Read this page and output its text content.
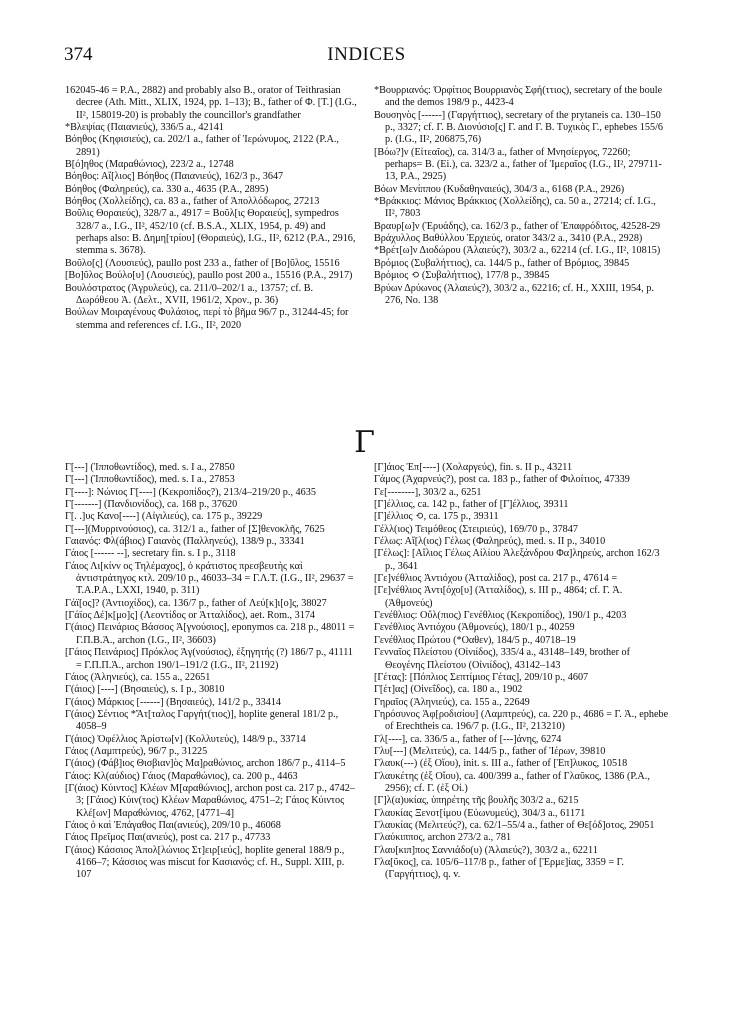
374	INDICES

162045-46 = P.A., 2882) and probably also B., orator of Teithrasian decree (Ath. Mitt., XLIX, 1924, pp. 1–13); B., father of Φ. [Τ.] (I.G., II², 158019-20) is probably the councillor's grandfather

*Βλεψίας (Παιανιεύς), 336/5 a., 42141

Βόηθος (Κηφισιεύς), ca. 202/1 a., father of Ἱερώνυμος, 2122 (P.A., 2891)

Β[ό]ηθος (Μαραθώνιος), 223/2 a., 12748

Βόηθος: Αἴ[λιος] Βόηθος (Παιανιεύς), 162/3 p., 3647

Βόηθος (Φαληρεύς), ca. 330 a., 4635 (P.A., 2895)

Βόηθος (Χολλείδης), ca. 83 a., father of Ἀπολλόδωρος, 27213

Βοῦλις Θοραιεύς), 328/7 a., 4917 = Βοῦλ[ις Θοραιεύς], sympedros 328/7 a., I.G., II², 452/10 (cf. B.S.A., XLIX, 1954, p. 49) and perhaps also: Β. Δημη[τρίου] (Θοραιεύς), I.G., II², 6212 (P.A., 2916, stemma s. 3678).

Βοῦλο[ς] (Λουσιεύς), paullo post 233 a., father of [Βο]ῦλος, 15516

[Βο]ῦλος Βούλο[υ] (Λουσιεύς), paullo post 200 a., 15516 (P.A., 2917)

Βουλόστρατος (Ἀγρυλεύς), ca. 211/0–202/1 a., 13757; cf. B. Δωρόθεου Ἀ. (Δελτ., XVII, 1961/2, Χρον., p. 36)

Βούλων Μοιραγένους Φυλάσιος, περί τὸ βῆμα 96/7 p., 31244-45; for stemma and references cf. I.G., II², 2020

*Βουρριανός: Ὀρφίτιος Βουρριανὸς Σφή(ττιος), secretary of the boule and the demos 198/9 p., 4423-4

Βουσηνὸς [------] (Γαργήττιος), secretary of the prytaneis ca. 130–150 p., 3327; cf. Γ. Β. Διονύσιο[ς] Γ. and Γ. Β. Τυχικὸς Γ., ephebes 155/6 p. (I.G., II², 206875,76)

[Βόω?]ν (Εἰτεαῖος), ca. 314/3 a., father of Μνησίεργος, 72260; perhaps= B. (Ei.), ca. 323/2 a., father of Ἱμεραῖος (I.G., II², 279711-13, P.A., 2925)

Βόων Μενίππου (Κυδαθηναιεύς), 304/3 a., 6168 (P.A., 2926)

*Βράκκιος: Μάνιος Βράκκιος (Χολλείδης), ca. 50 a., 27214; cf. I.G., II², 7803

Βραυρ[ω]ν (Ἐρυάδης), ca. 162/3 p., father of Ἐπαφρόδιτος, 42528-29

Βράχυλλος Βαθύλλου Ἐρχιεύς, orator 343/2 a., 3410 (P.A., 2928)

*Βρέτ[ω]ν Διοδώρου (Ἁλαιεύς?), 303/2 a., 62214 (cf. I.G., II², 10815)

Βρόμιος (Συβαλήττιος), ca. 144/5 p., father of Βρόμιος, 39845

Βρόμιος ⟲ (Συβαλήττιος), 177/8 p., 39845

Βρύων Δρύωνος (Ἁλαιεύς?), 303/2 a., 62216; cf. H., XXIII, 1954, p. 276, No. 138

Γ

Γ[---] (Ἱπποθωντίδος), med. s. I a., 27850

Γ[---] (Ἱπποθωντίδος), med. s. I a., 27853

Γ[----]: Νώνιος Γ[----] (Κεκροπίδος?), 213/4–219/20 p., 4635

Γ[-------] (Πανδιονίδος), ca. 168 p., 37620

Γ[. .]υς Κανο[----] (Αἰγιλιεύς), ca. 175 p., 39229

Γ[---](Μυρρινούσιος), ca. 312/1 a., father of [Σ]θενοκλῆς, 7625

Γαιανός: Φλ(άβιος) Γαιανὸς (Παλληνεύς), 138/9 p., 33341

Γάιος [------ --], secretary fin. s. I p., 3118

Γάιος Λι[κίνν ος Τηλέμαχος], ὁ κράτιστος πρεσβευτὴς καὶ ἀντιστράτηγος κτλ. 209/10 p., 46033–34 = Γ.Λ.Τ. (I.G., II², 29637 = T.A.P.A., LXXI, 1940, p. 311)

Γάϊ[ος]? (Ἀντιοχίδος), ca. 136/7 p., father of Λεύ[κ]ι[ο]ς, 38027

[Γάϊος Δέ]κ[μο]ς] (Λεοντίδος or Ἀτταλίδος), aet. Rom., 3174

Γ(άιος) Πεινάριος Βάσσος Ἀ[γνούσιος], eponymos ca. 218 p., 48011 = Γ.Π.Β.Ἀ., archon (I.G., II², 36603)

[Γάιος Πεινάριος] Πρόκλος Ἀγ(νούσιος), ἐξηγητής (?) 186/7 p., 41111 = Γ.Π.Π.Ἀ., archon 190/1–191/2 (I.G., II², 21192)

Γάιος (Ἀληνιεύς), ca. 155 a., 22651

Γ(άιος) [----] (Βησαιεύς), s. I p., 30810

Γ(άιος) Μάρκιος [------] (Βησαιεύς), 141/2 p., 33414

Γ(άιος) Σέντιος *Ἄτ[ταλος Γαργήτ(τιος)], hoplite general 181/2 p., 4058–9

Γ(άιος) Ὀφέλλιος Ἀρίστω[ν] (Κολλυτεύς), 148/9 p., 33714

Γάιος (Λαμπτρεύς), 96/7 p., 31225

Γ(άιος) (Φάβ]ιος Θισβιαν]ὸς Μα]ραθώνιος, archon 186/7 p., 4114–5

Γάιος: Κλ(αύδιος) Γάιος (Μαραθώνιος), ca. 200 p., 4463

[Γ(άιος) Κύιντος] Κλέων Μ[αραθώνιος], archon post ca. 217 p., 4742–3; [Γάιος) Κύιν(τος) Κλέων Μαραθώνιος, 4751–2; Γάιος Κύιντος Κλέ[ων] Μαραθώνιος, 4762, [4771–4]

Γάιος ὁ καὶ Ἐπάγαθος Παι(ανιεύς), 209/10 p., 46068

Γάιος Πρεῖμος Παι(ανιεύς), post ca. 217 p., 47733

Γ(άιος) Κάσσιος Ἀπολ[λώνιος Στ]ειρ[ιεύς], hoplite general 188/9 p., 4166–7; Κάσσιος was miscut for Κασιανός; cf. H., Suppl. XIII, p. 107

[Γ]άιος Ἐπ[----] (Χολαργεύς), fin. s. II p., 43211

Γάμος (Ἀχαρνεύς?), post ca. 183 p., father of Φιλοίτιος, 47339

Γε[--------], 303/2 a., 6251

[Γ]έλλιος, ca. 142 p., father of [Γ]έλλιος, 39311

[Γ]έλλιος ⟲, ca. 175 p., 39311

Γέλλ(ιος) Τειμόθεος (Στειριεύς), 169/70 p., 37847

Γέλως: Αἴ[λ(ιος) Γέλως (Φαληρεύς), med. s. II p., 34010

[Γέλως]: [Αἴλιος Γέλως Αἰλίου Ἀλεξάνδρου Φα]ληρεύς, archon 162/3 p., 3641

[Γε]νέθλιος Ἀντιόχου (Ἀτταλίδος), post ca. 217 p., 47614 =

[Γε]νέθλιος Ἀντι[όχο[υ] (Ἀτταλίδος), s. III p., 4864; cf. Γ. Ἀ. (Ἀθμονεύς)

Γενέθλιος: Οὔλ(πιος) Γενέθλιος (Κεκροπίδος), 190/1 p., 4203

Γενέθλιος Ἀντιόχου (Ἀθμονεύς), 180/1 p., 40259

Γενέθλιος Πρώτου (*Οαθεν), 184/5 p., 40718–19

Γενναῖος Πλείστου (Οἰνιίδος), 335/4 a., 43148–149, brother of Θεογένης Πλείστου (Οἰνιίδος), 43142–143

[Γέτας]: [Πόπλιος Σεπτίμιος Γέτας], 209/10 p., 4607

Γ[έτ]ας] (Οἰνεΐδος), ca. 180 a., 1902

Γηραῖος (Ἀληνιεύς), ca. 155 a., 22649

Γηρόσυνος Ἀφ[ροδισίου] (Λαμπτρεύς), ca. 220 p., 4686 = Γ. Ἀ., ephebe of Erechtheis ca. 196/7 p. (I.G., II², 213210)

Γλ[----], ca. 336/5 a., father of [---]άνης, 6274

Γλυ[---] (Μελιτεύς), ca. 144/5 p., father of Ἱέρων, 39810

Γλαυκ(---) (ἐξ Οἴου), init. s. III a., father of [Ἐπ]λυκος, 10518

Γλαυκέτης (ἐξ Οἴου), ca. 400/399 a., father of Γλαῦκος, 1386 (P.A., 2956); cf. Γ. (ἐξ Οἰ.)

[Γ]λ(α)υκίας, ὑπηρέτης τῆς βουλῆς 303/2 a., 6215

Γλαυκίας Ξενοτ[ίμου (Εὐωνυμεύς), 304/3 a., 61171

Γλαυκίας (Μελιτεύς?), ca. 62/1–55/4 a., father of Θε[όδ]οτος, 29051

Γλαύκιππος, archon 273/2 a., 781

Γλαυ[κιπ]πος Σαννιάδο(υ) (Ἁλαιεύς?), 303/2 a., 62211

Γλα[ῦκος], ca. 105/6–117/8 p., father of [Ἐρμε]ίας, 3359 = Γ. (Γαργήττιος), q. v.
